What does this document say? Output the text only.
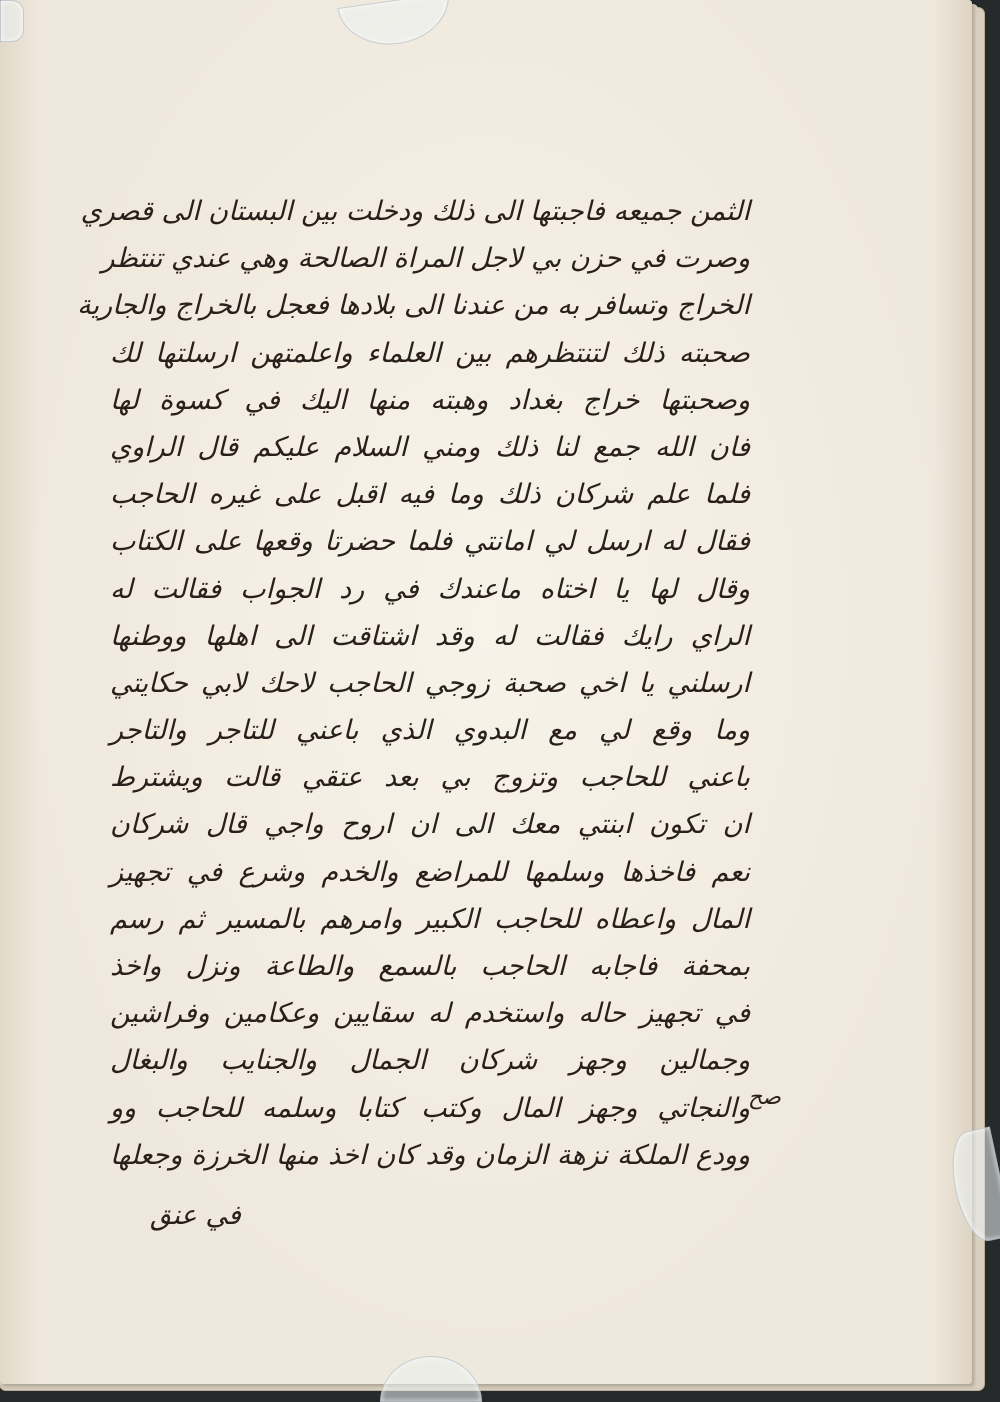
الثمن جميعه فاجبتها الى ذلك ودخلت بين البستان الى قصري
وصرت في حزن بي لاجل المراة الصالحة وهي عندي تنتظر
الخراج وتسافر به من عندنا الى بلادها فعجل بالخراج والجارية
صحبته ذلك لتنتظرهم بين العلماء واعلمتهن ارسلتها لك
وصحبتها خراج بغداد وهبته منها اليك في كسوة لها
فان الله جمع لنا ذلك ومني السلام عليكم قال الراوي
فلما علم شركان ذلك وما فيه اقبل على غيره الحاجب
فقال له ارسل لي امانتي فلما حضرتا وقعها على الكتاب
وقال لها يا اختاه ماعندك في رد الجواب فقالت له
الراي رايك فقالت له وقد اشتاقت الى اهلها ووطنها
ارسلني يا اخي صحبة زوجي الحاجب لاحك لابي حكايتي
وما وقع لي مع البدوي الذي باعني للتاجر والتاجر
باعني للحاجب وتزوج بي بعد عتقي قالت ويشترط
ان تكون ابنتي معك الى ان اروح واجي قال شركان
نعم فاخذها وسلمها للمراضع والخدم وشرع في تجهيز
المال واعطاه للحاجب الكبير وامرهم بالمسير ثم رسم
بمحفة فاجابه الحاجب بالسمع والطاعة ونزل واخذ
في تجهيز حاله واستخدم له سقايين وعكامين وفراشين
وجمالين وجهز شركان الجمال والجنايب والبغال
والنجاتي وجهز المال وكتب كتابا وسلمه للحاجب وو
وودع الملكة نزهة الزمان وقد كان اخذ منها الخرزة وجعلها
صح
في عنق
